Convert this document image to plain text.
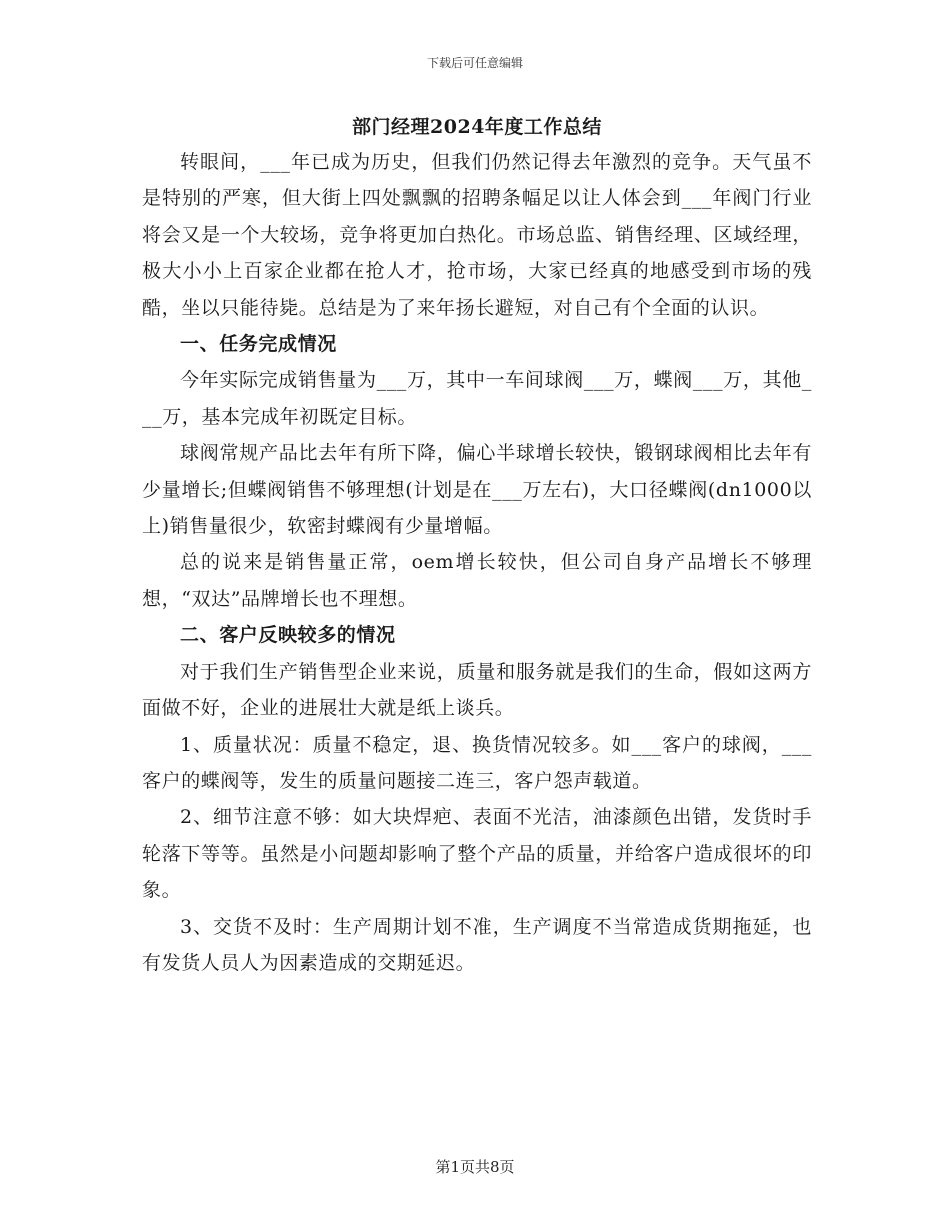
下载后可任意编辑
部门经理2024年度工作总结

转眼间，___年已成为历史，但我们仍然记得去年激烈的竞争。天气虽不是特别的严寒，但大街上四处飘飘的招聘条幅足以让人体会到___年阀门行业将会又是一个大较场，竞争将更加白热化。市场总监、销售经理、区域经理，极大小小上百家企业都在抢人才，抢市场，大家已经真的地感受到市场的残酷，坐以只能待毙。总结是为了来年扬长避短，对自己有个全面的认识。

一、任务完成情况

今年实际完成销售量为___万，其中一车间球阀___万，蝶阀___万，其他___万，基本完成年初既定目标。

球阀常规产品比去年有所下降，偏心半球增长较快，锻钢球阀相比去年有少量增长;但蝶阀销售不够理想(计划是在___万左右)，大口径蝶阀(dn1000以上)销售量很少，软密封蝶阀有少量增幅。

总的说来是销售量正常，oem增长较快，但公司自身产品增长不够理想，“双达”品牌增长也不理想。

二、客户反映较多的情况

对于我们生产销售型企业来说，质量和服务就是我们的生命，假如这两方面做不好，企业的进展壮大就是纸上谈兵。

1、质量状况：质量不稳定，退、换货情况较多。如___客户的球阀，___客户的蝶阀等，发生的质量问题接二连三，客户怨声载道。

2、细节注意不够：如大块焊疤、表面不光洁，油漆颜色出错，发货时手轮落下等等。虽然是小问题却影响了整个产品的质量，并给客户造成很坏的印象。

3、交货不及时：生产周期计划不准，生产调度不当常造成货期拖延，也有发货人员人为因素造成的交期延迟。

第1页共8页
